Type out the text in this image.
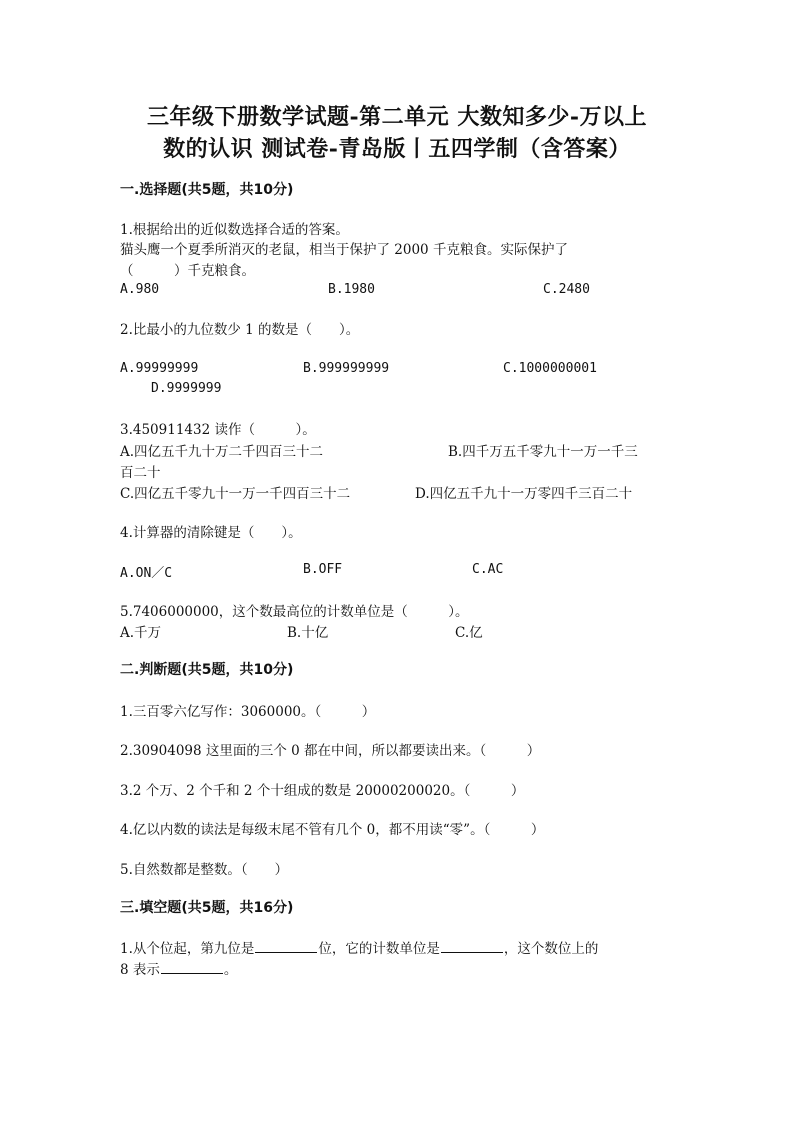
三年级下册数学试题-第二单元 大数知多少-万以上
数的认识 测试卷-青岛版丨五四学制（含答案）
一.选择题(共5题，共10分)
1.根据给出的近似数选择合适的答案。
猫头鹰一个夏季所消灭的老鼠，相当于保护了 2000 千克粮食。实际保护了
（　　　）千克粮食。
A.980	B.1980	C.2480
2.比最小的九位数少 1 的数是（　　）。
A.99999999	B.999999999	C.1000000001
D.9999999
3.450911432 读作（　　　）。
A.四亿五千九十万二千四百三十二	B.四千万五千零九十一万一千三
百二十
C.四亿五千零九十一万一千四百三十二	D.四亿五千九十一万零四千三百二十
4.计算器的清除键是（　　）。
A.ON／C	B.OFF	C.AC
5.7406000000，这个数最高位的计数单位是（　　　）。
A.千万	B.十亿	C.亿
二.判断题(共5题，共10分)
1.三百零六亿写作：3060000。（　　　）
2.30904098 这里面的三个 0 都在中间，所以都要读出来。（　　　）
3.2 个万、2 个千和 2 个十组成的数是 20000200020。（　　　）
4.亿以内数的读法是每级末尾不管有几个 0，都不用读“零”。（　　　）
5.自然数都是整数。（　　）
三.填空题(共5题，共16分)
1.从个位起，第九位是	位，它的计数单位是	，这个数位上的
8 表示	。
